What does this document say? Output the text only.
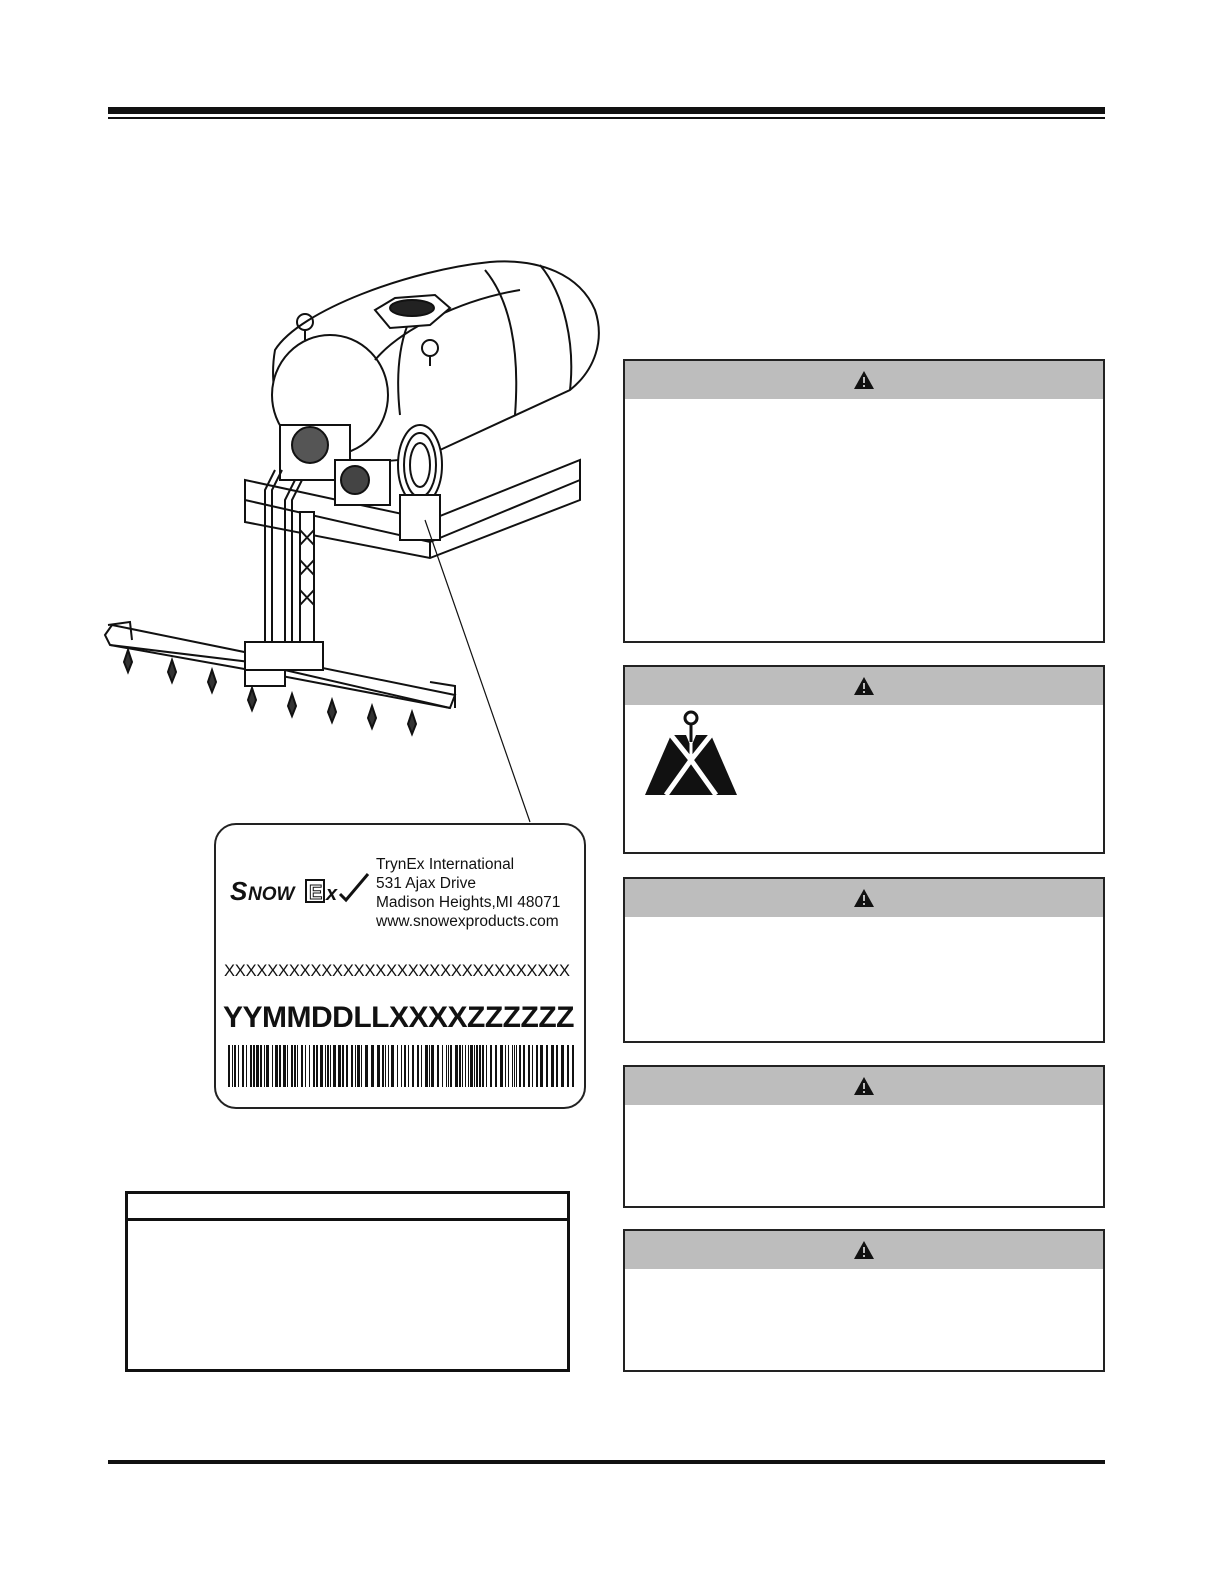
S NOW E x
TrynEx International
531 Ajax Drive
Madison Heights,MI 48071
www.snowexproducts.com
XXXXXXXXXXXXXXXXXXXXXXXXXXXXXXXX
YYMMDDLLXXXXZZZZZZ
